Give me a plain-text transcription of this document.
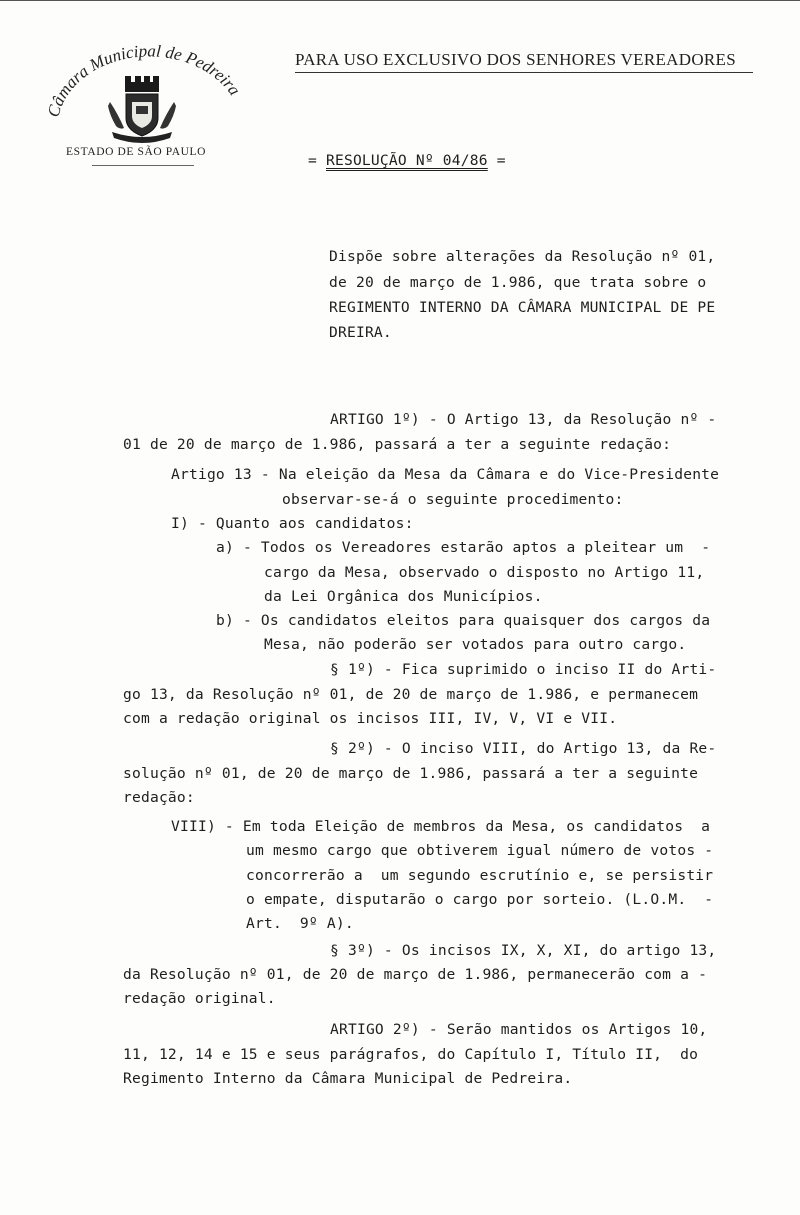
Câmara Municipal de Pedreira
ESTADO DE SÃO PAULO
PARA USO EXCLUSIVO DOS SENHORES VEREADORES
= RESOLUÇÃO Nº 04/86 =
Dispõe sobre alterações da Resolução nº 01,
de 20 de março de 1.986, que trata sobre o
REGIMENTO INTERNO DA CÂMARA MUNICIPAL DE PE
DREIRA.
ARTIGO 1º) - O Artigo 13, da Resolução nº -
01 de 20 de março de 1.986, passará a ter a seguinte redação:
Artigo 13 - Na eleição da Mesa da Câmara e do Vice-Presidente
observar-se-á o seguinte procedimento:
I) - Quanto aos candidatos:
a) - Todos os Vereadores estarão aptos a pleitear um  -
cargo da Mesa, observado o disposto no Artigo 11,
da Lei Orgânica dos Municípios.
b) - Os candidatos eleitos para quaisquer dos cargos da
Mesa, não poderão ser votados para outro cargo.
§ 1º) - Fica suprimido o inciso II do Arti-
go 13, da Resolução nº 01, de 20 de março de 1.986, e permanecem
com a redação original os incisos III, IV, V, VI e VII.
§ 2º) - O inciso VIII, do Artigo 13, da Re-
solução nº 01, de 20 de março de 1.986, passará a ter a seguinte
redação:
VIII) - Em toda Eleição de membros da Mesa, os candidatos  a
um mesmo cargo que obtiverem igual número de votos -
concorrerão a  um segundo escrutínio e, se persistir
o empate, disputarão o cargo por sorteio. (L.O.M.  -
Art.  9º A).
§ 3º) - Os incisos IX, X, XI, do artigo 13,
da Resolução nº 01, de 20 de março de 1.986, permanecerão com a -
redação original.
ARTIGO 2º) - Serão mantidos os Artigos 10,
11, 12, 14 e 15 e seus parágrafos, do Capítulo I, Título II,  do
Regimento Interno da Câmara Municipal de Pedreira.
